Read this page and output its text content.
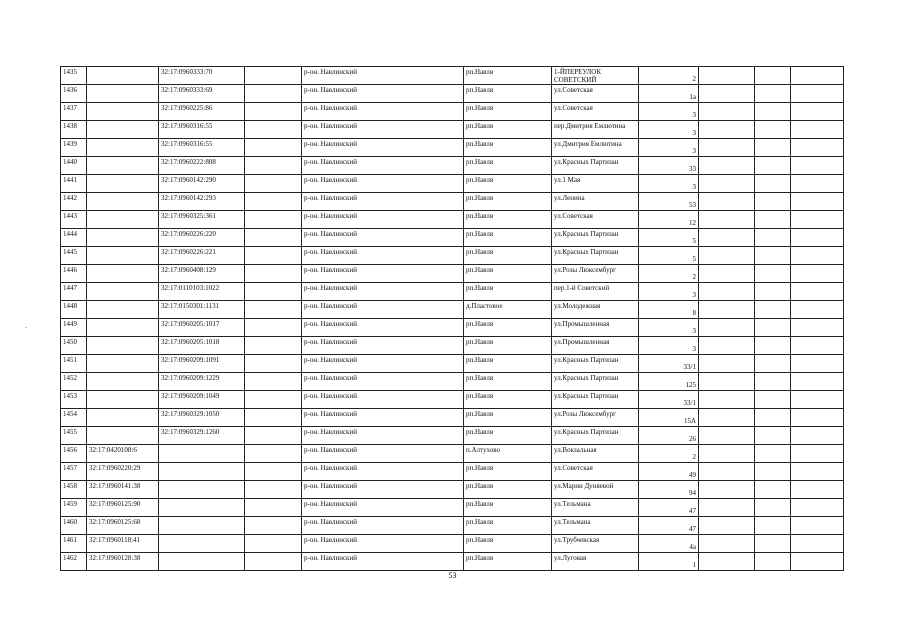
-
1435		32:17:0960333:70		р-он. Навлинский	рп.Навля	1-ЙПЕРЕУЛОК СОВЕТСКИЙ	2			
1436		32:17:0960333:69		р-он. Навлинский	рп.Навля	ул.Советская	1а			
1437		32:17:0960225:86		р-он. Навлинский	рп.Навля	ул.Советская	3			
1438		32:17:0960316:55		р-он. Навлинский	рп.Навля	пер.Дмитрия Емлютина	3			
1439		32:17:0960316:55		р-он. Навлинский	рп.Навля	ул.Дмитрия Емлютина	3			
1440		32:17:0960222:808		р-он. Навлинский	рп.Навля	ул.Красных Партизан	33			
1441		32:17:0960142:290		р-он. Навлинский	рп.Навля	ул.1 Мая	3			
1442		32:17:0960142:293		р-он. Навлинский	рп.Навля	ул.Ленина	53			
1443		32:17:0960325:361		р-он. Навлинский	рп.Навля	ул.Советская	12			
1444		32:17:0960226:220		р-он. Навлинский	рп.Навля	ул.Красных Партизан	5			
1445		32:17:0960226:221		р-он. Навлинский	рп.Навля	ул.Красных Партизан	5			
1446		32:17:0960408:129		р-он. Навлинский	рп.Навля	ул.Розы Люксембург	2			
1447		32:17:0110103:1022		р-он. Навлинский	рп.Навля	пер.1-й Советский	3			
1448		32:17:0150301:1131		р-он. Навлинский	д.Пластовое	ул.Молодежная	8			
1449		32:17:0960205:1017		р-он. Навлинский	рп.Навля	ул.Промышленная	3			
1450		32:17:0960205:1018		р-он. Навлинский	рп.Навля	ул.Промышленная	3			
1451		32:17:0960209:1091		р-он. Навлинский	рп.Навля	ул.Красных Партизан	33/1			
1452		32:17:0960209:1229		р-он. Навлинский	рп.Навля	ул.Красных Партизан	125			
1453		32:17:0960209:1049		р-он. Навлинский	рп.Навля	ул.Красных Партизан	33/1			
1454		32:17:0960329:1050		р-он. Навлинский	рп.Навля	ул.Розы Люксембург	15А			
1455		32:17:0960329:1260		р-он. Навлинский	рп.Навля	ул.Красных Партизан	26			
1456	32:17:0420108:6			р-он. Навлинский	п.Алтухово	ул.Вокзальная	2			
1457	32:17:0960220:29			р-он. Навлинский	рп.Навля	ул.Советская	49			
1458	32:17:0960141:38			р-он. Навлинский	рп.Навля	ул.Марии Дуняевой	94			
1459	32:17:0960125:90			р-он. Навлинский	рп.Навля	ул.Тельмана	47			
1460	32:17:0960125:68			р-он. Навлинский	рп.Навля	ул.Тельмана	47			
1461	32:17:0960118:41			р-он. Навлинский	рп.Навля	ул.Трубчевская	4а			
1462	32:17:0960128:38			р-он. Навлинский	рп.Навля	ул.Луговая	1			
53
